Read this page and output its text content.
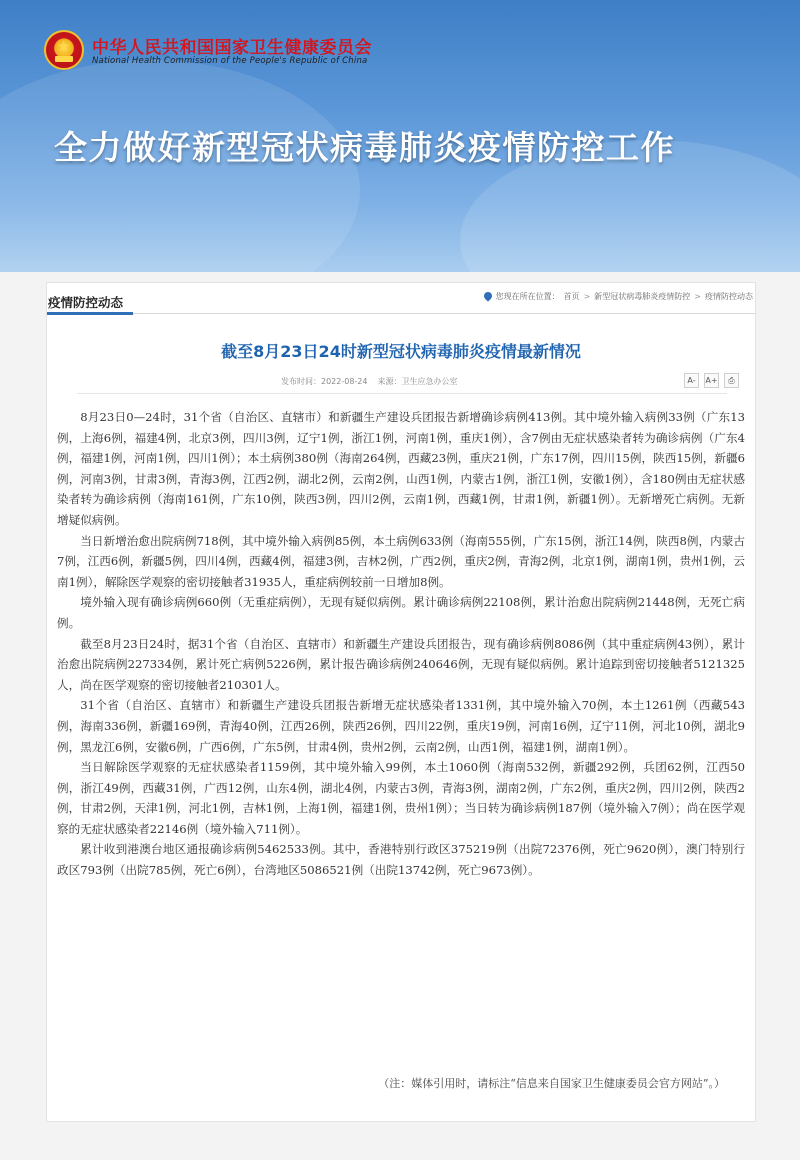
★ 中华人民共和国国家卫生健康委员会
National Health Commission of the People's Republic of China
全力做好新型冠状病毒肺炎疫情防控工作
疫情防控动态	您现在所在位置： 首页 > 新型冠状病毒肺炎疫情防控 > 疫情防控动态
截至8月23日24时新型冠状病毒肺炎疫情最新情况
发布时间：2022-08-24 来源：卫生应急办公室	A-	A+	⎙

8月23日0—24时，31个省（自治区、直辖市）和新疆生产建设兵团报告新增确诊病例413例。其中境外输入病例33例（广东13例，上海6例，福建4例，北京3例，四川3例，辽宁1例，浙江1例，河南1例，重庆1例），含7例由无症状感染者转为确诊病例（广东4例，福建1例，河南1例，四川1例）；本土病例380例（海南264例，西藏23例，重庆21例，广东17例，四川15例，陕西15例，新疆6例，河南3例，甘肃3例，青海3例，江西2例，湖北2例，云南2例，山西1例，内蒙古1例，浙江1例，安徽1例），含180例由无症状感染者转为确诊病例（海南161例，广东10例，陕西3例，四川2例，云南1例，西藏1例，甘肃1例，新疆1例）。无新增死亡病例。无新增疑似病例。

当日新增治愈出院病例718例，其中境外输入病例85例，本土病例633例（海南555例，广东15例，浙江14例，陕西8例，内蒙古7例，江西6例，新疆5例，四川4例，西藏4例，福建3例，吉林2例，广西2例，重庆2例，青海2例，北京1例，湖南1例，贵州1例，云南1例），解除医学观察的密切接触者31935人，重症病例较前一日增加8例。

境外输入现有确诊病例660例（无重症病例），无现有疑似病例。累计确诊病例22108例，累计治愈出院病例21448例，无死亡病例。

截至8月23日24时，据31个省（自治区、直辖市）和新疆生产建设兵团报告，现有确诊病例8086例（其中重症病例43例），累计治愈出院病例227334例，累计死亡病例5226例，累计报告确诊病例240646例，无现有疑似病例。累计追踪到密切接触者5121325人，尚在医学观察的密切接触者210301人。

31个省（自治区、直辖市）和新疆生产建设兵团报告新增无症状感染者1331例，其中境外输入70例，本土1261例（西藏543例，海南336例，新疆169例，青海40例，江西26例，陕西26例，四川22例，重庆19例，河南16例，辽宁11例，河北10例，湖北9例，黑龙江6例，安徽6例，广西6例，广东5例，甘肃4例，贵州2例，云南2例，山西1例，福建1例，湖南1例）。

当日解除医学观察的无症状感染者1159例，其中境外输入99例，本土1060例（海南532例，新疆292例，兵团62例，江西50例，浙江49例，西藏31例，广西12例，山东4例，湖北4例，内蒙古3例，青海3例，湖南2例，广东2例，重庆2例，四川2例，陕西2例，甘肃2例，天津1例，河北1例，吉林1例，上海1例，福建1例，贵州1例）；当日转为确诊病例187例（境外输入7例）；尚在医学观察的无症状感染者22146例（境外输入711例）。

累计收到港澳台地区通报确诊病例5462533例。其中，香港特别行政区375219例（出院72376例，死亡9620例），澳门特别行政区793例（出院785例，死亡6例），台湾地区5086521例（出院13742例，死亡9673例）。

（注：媒体引用时，请标注“信息来自国家卫生健康委员会官方网站”。）
